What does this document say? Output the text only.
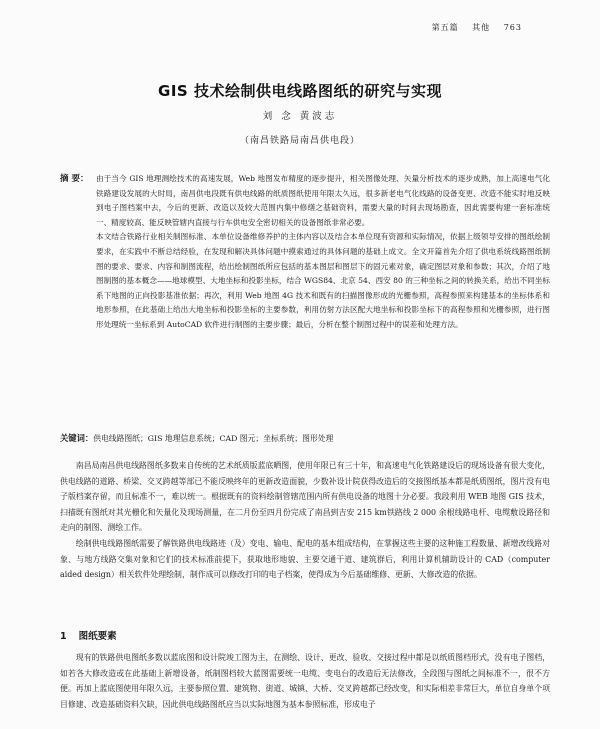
第五篇 其他 763
GIS 技术绘制供电线路图纸的研究与实现
刘 念 黄波志
（南昌铁路局南昌供电段）
摘 要： 由于当今 GIS 地理测绘技术的高速发展，Web 地图发布精度的逐步提升，相关图像处理、矢量分析技术的逐步成熟，加上高速电气化铁路建设发展的大时局，南昌供电段既有供电线路的纸质图纸使用年限太久远，很多新老电气化线路的设备变更、改造不能实时地反映到电子图档案中去，今后的更新、改造以及较大范围内集中修缮之基础资料，需要大量的时间去现场勘查，因此需要构建一套标准统一、精度较高、能反映管辖内直接与行车供电安全密切相关的设备图纸非常必要。

本文结合铁路行业相关制图标准、本单位设备维修养护的主体内容以及结合本单位现有资源和实际情况，依据上级领导安排的图纸绘制要求，在实践中不断总结经验，在发现和解决具体问题中摸索通过的具体问题的基础上成文。全文开篇首先介绍了供电系统线路图纸制图的要求、要求、内容和制图流程，给出绘制图纸所应包括的基本图层和图层下的固元素对象，确定图层对象和参数；其次，介绍了地图制图的基本概念——地球模型、大地坐标和投影坐标，结合 WGS84、北京 54、西安 80 的三种坐标之间的转换关系，给出不同坐标系下地图的正向投影基准依据；再次，利用 Web 地图 4G 技术和既有的扫描图像形成的光栅参照，高程参照来构建基本的坐标体系和地形参照，在此基础上给出大地坐标和投影坐标的主要参数，利用仿射方法区配大地坐标和投影坐标下的高程参照和光栅参照，进行图形处理统一坐标系到 AutoCAD 软件进行制图的主要步骤；最后，分析在整个制图过程中的误差和处理方法。

关键词：供电线路图纸；GIS 地理信息系统；CAD 图元；坐标系统；图形处理

南昌局南昌供电线路图纸多数来自传统的艺术纸质版蓝底晒图，使用年限已有三十年，和高速电气化铁路建设后的现场设备有很大变化，供电线路的道路、桥梁、交叉跨越等部已不能反映终年的更新改造面貌，少数补设计院获得改造后的交接图纸基本都是纸质图纸，图片没有电子版档案存留，而且标准不一，难以统一。根据既有的资料绘制管辖范围内所有供电设备的地图十分必要。我段利用 WEB 地图 GIS 技术，扫描既有图纸对其光栅化和矢量化及现场测量，在二月份至四月份完成了南昌到吉安 215 km铁路线 2 000 余根线路电杆、电缆敷设路径和走向的制图、测绘工作。

绘制供电线路图纸需要了解铁路供电线路迹（及）变电、输电、配电的基本组成结构，在掌握这些主要的这种施工程数量、新增改线路对象、与地方线路交集对象和它们的技术标准前提下，获取地形地貌、主要交通干道、建筑群后，利用计算机辅助设计的 CAD（computer aided design）相关软件处理绘制，制作成可以修改打印的电子档案，使得成为今后基础维修、更新、大修改造的依据。

1 图纸要素

现有的铁路供电图纸多数以蓝底图和设计院竣工图为主，在测绘、设计、更改、验收、交接过程中都是以纸质图档形式，没有电子图档，如若各大修改造或在此基础上新增设备，纸制图档较大蓝图需要统一电缆、变电台的改造后无法修改，全段图与图纸之间标准不一，很不方便。再加上蓝底图使用年限久远，主要参照位置、建筑物、街道、城镇、大桥、交叉跨越都已经改变，和实际相差非常巨大，单位自身单个项目修建、改造基础资料欠缺，因此供电线路图纸应当以实际地图为基本参照标准，形成电子
